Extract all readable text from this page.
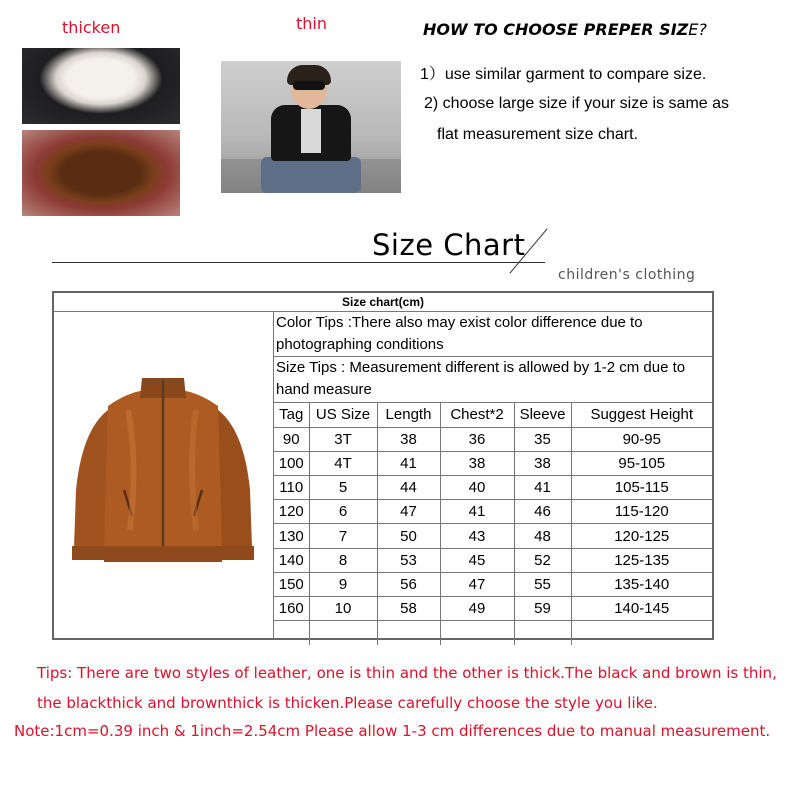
thicken	thin	HOW TO CHOOSE PREPER SIZE?
1）use similar garment to compare size.
2) choose large size if your size is same as
flat measurement size chart.
Size Chart
children's clothing
Size chart(cm)
Color Tips :There also may exist color difference due to
photographing conditions
Size Tips : Measurement different is allowed by 1-2 cm due to
hand measure
Tag	US Size	Length	Chest*2	Sleeve	Suggest Height
90	3T	38	36	35	90-95
100	4T	41	38	38	95-105
110	5	44	40	41	105-115
120	6	47	41	46	115-120
130	7	50	43	48	120-125
140	8	53	45	52	125-135
150	9	56	47	55	135-140
160	10	58	49	59	140-145

Tips: There are two styles of leather, one is thin and the other is thick.The black and brown is thin,
the blackthick and brownthick is thicken.Please carefully choose the style you like.
Note:1cm=0.39 inch & 1inch=2.54cm Please allow 1-3 cm differences due to manual measurement.
